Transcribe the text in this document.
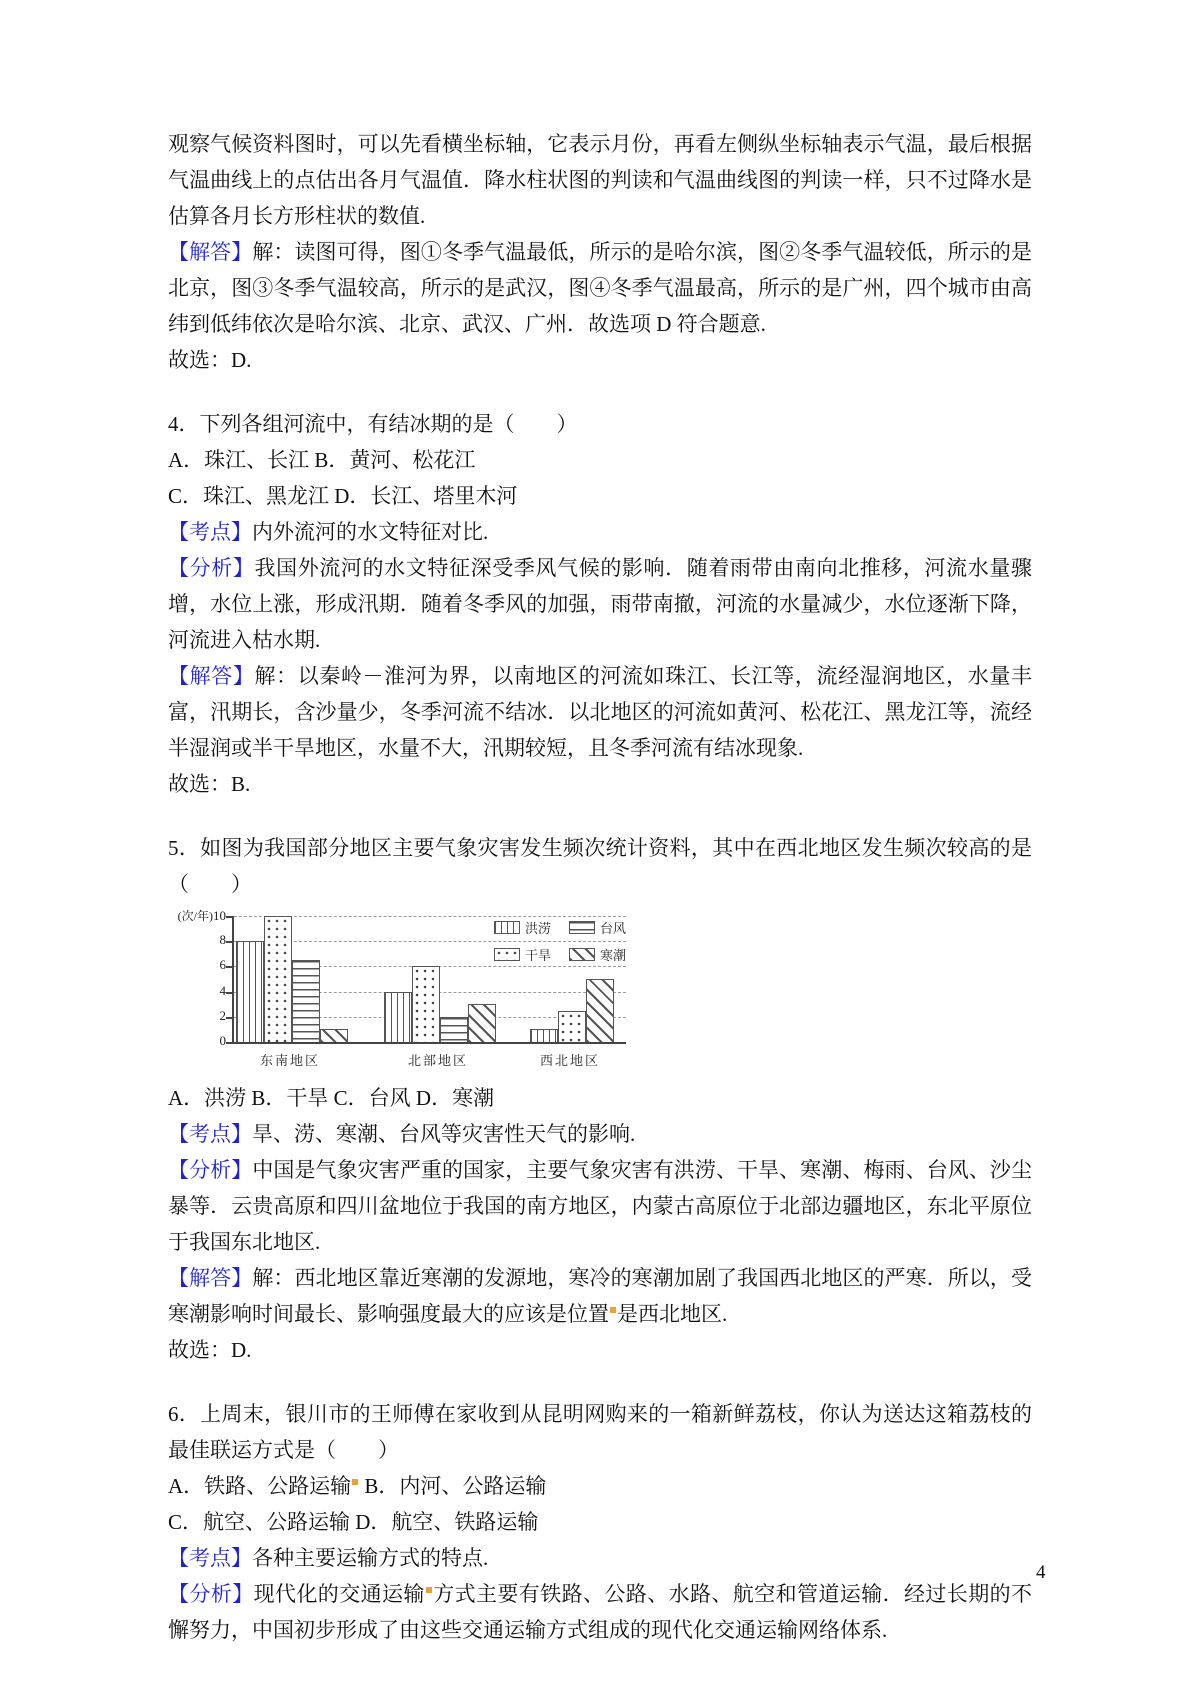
观察气候资料图时，可以先看横坐标轴，它表示月份，再看左侧纵坐标轴表示气温，最后根据气温曲线上的点估出各月气温值．降水柱状图的判读和气温曲线图的判读一样，只不过降水是估算各月长方形柱状的数值.

【解答】解：读图可得，图①冬季气温最低，所示的是哈尔滨，图②冬季气温较低，所示的是北京，图③冬季气温较高，所示的是武汉，图④冬季气温最高，所示的是广州，四个城市由高纬到低纬依次是哈尔滨、北京、武汉、广州．故选项 D 符合题意.

故选：D.

4．下列各组河流中，有结冰期的是（　　）

A．珠江、长江 B．黄河、松花江

C．珠江、黑龙江 D．长江、塔里木河

【考点】内外流河的水文特征对比.

【分析】我国外流河的水文特征深受季风气候的影响．随着雨带由南向北推移，河流水量骤增，水位上涨，形成汛期．随着冬季风的加强，雨带南撤，河流的水量减少，水位逐渐下降，河流进入枯水期.

【解答】解：以秦岭－淮河为界，以南地区的河流如珠江、长江等，流经湿润地区，水量丰富，汛期长，含沙量少，冬季河流不结冰．以北地区的河流如黄河、松花江、黑龙江等，流经半湿润或半干旱地区，水量不大，汛期较短，且冬季河流有结冰现象.

故选：B.

5．如图为我国部分地区主要气象灾害发生频次统计资料，其中在西北地区发生频次较高的是（　　）

0
2
4
6
8
(次/年)10
东南地区	北部地区	西北地区
洪涝	台风
干旱	寒潮

A．洪涝 B．干旱 C．台风 D．寒潮

【考点】旱、涝、寒潮、台风等灾害性天气的影响.

【分析】中国是气象灾害严重的国家，主要气象灾害有洪涝、干旱、寒潮、梅雨、台风、沙尘暴等．云贵高原和四川盆地位于我国的南方地区，内蒙古高原位于北部边疆地区，东北平原位于我国东北地区.

【解答】解：西北地区靠近寒潮的发源地，寒冷的寒潮加剧了我国西北地区的严寒．所以，受寒潮影响时间最长、影响强度最大的应该是位置 是西北地区.

故选：D.

6．上周末，银川市的王师傅在家收到从昆明网购来的一箱新鲜荔枝，你认为送达这箱荔枝的最佳联运方式是（　　）

A．铁路、公路运输 B．内河、公路运输

C．航空、公路运输 D．航空、铁路运输

【考点】各种主要运输方式的特点.

【分析】现代化的交通运输 方式主要有铁路、公路、水路、航空和管道运输．经过长期的不懈努力，中国初步形成了由这些交通运输方式组成的现代化交通运输网络体系.

4
